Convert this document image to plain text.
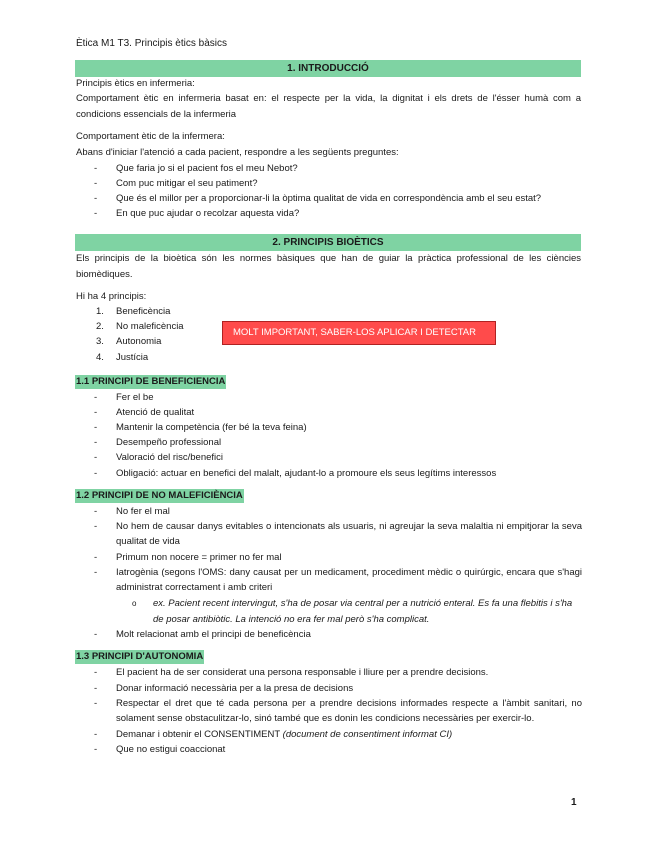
Ètica M1 T3. Principis ètics bàsics
1. INTRODUCCIÓ
Principis ètics en infermeria:
Comportament ètic en infermeria basat en: el respecte per la vida, la dignitat i els drets de l'ésser humà com a condicions essencials de la infermeria
Comportament ètic de la infermera:
Abans d'iniciar l'atenció a cada pacient, respondre a les següents preguntes:
- Que faria jo si el pacient fos el meu Nebot?
- Com puc mitigar el seu patiment?
- Que és el millor per a proporcionar-li la òptima qualitat de vida en correspondència amb el seu estat?
- En que puc ajudar o recolzar aquesta vida?
2. PRINCIPIS BIOÈTICS
Els principis de la bioètica són les normes bàsiques que han de guiar la pràctica professional de les ciències biomèdiques.
Hi ha 4 principis:
1. Beneficència
2. No maleficència
3. Autonomia
4. Justícia
MOLT IMPORTANT, SABER-LOS APLICAR I DETECTAR
1.1 PRINCIPI DE BENEFICIENCIA
- Fer el be
- Atenció de qualitat
- Mantenir la competència (fer bé la teva feina)
- Desempeño professional
- Valoració del risc/benefici
- Obligació: actuar en benefici del malalt, ajudant-lo a promoure els seus legítims interessos
1.2 PRINCIPI DE NO MALEFICIÈNCIA
- No fer el mal
- No hem de causar danys evitables o intencionats als usuaris, ni agreujar la seva malaltia ni empitjorar la seva qualitat de vida
- Primum non nocere = primer no fer mal
- Iatrogènia (segons l'OMS: dany causat per un medicament, procediment mèdic o quirúrgic, encara que s'hagi administrat correctament i amb criteri
o ex. Pacient recent intervingut, s'ha de posar via central per a nutrició enteral. Es fa una flebitis i s'ha de posar antibiòtic. La intenció no era fer mal però s'ha complicat.
- Molt relacionat amb el principi de beneficència
1.3 PRINCIPI D'AUTONOMIA
- El pacient ha de ser considerat una persona responsable i lliure per a prendre decisions.
- Donar informació necessària per a la presa de decisions
- Respectar el dret que té cada persona per a prendre decisions informades respecte a l'àmbit sanitari, no solament sense obstaculitzar-lo, sinó també que es donin les condicions necessàries per exercir-lo.
- Demanar i obtenir el CONSENTIMENT (document de consentiment informat CI)
- Que no estigui coaccionat
1
